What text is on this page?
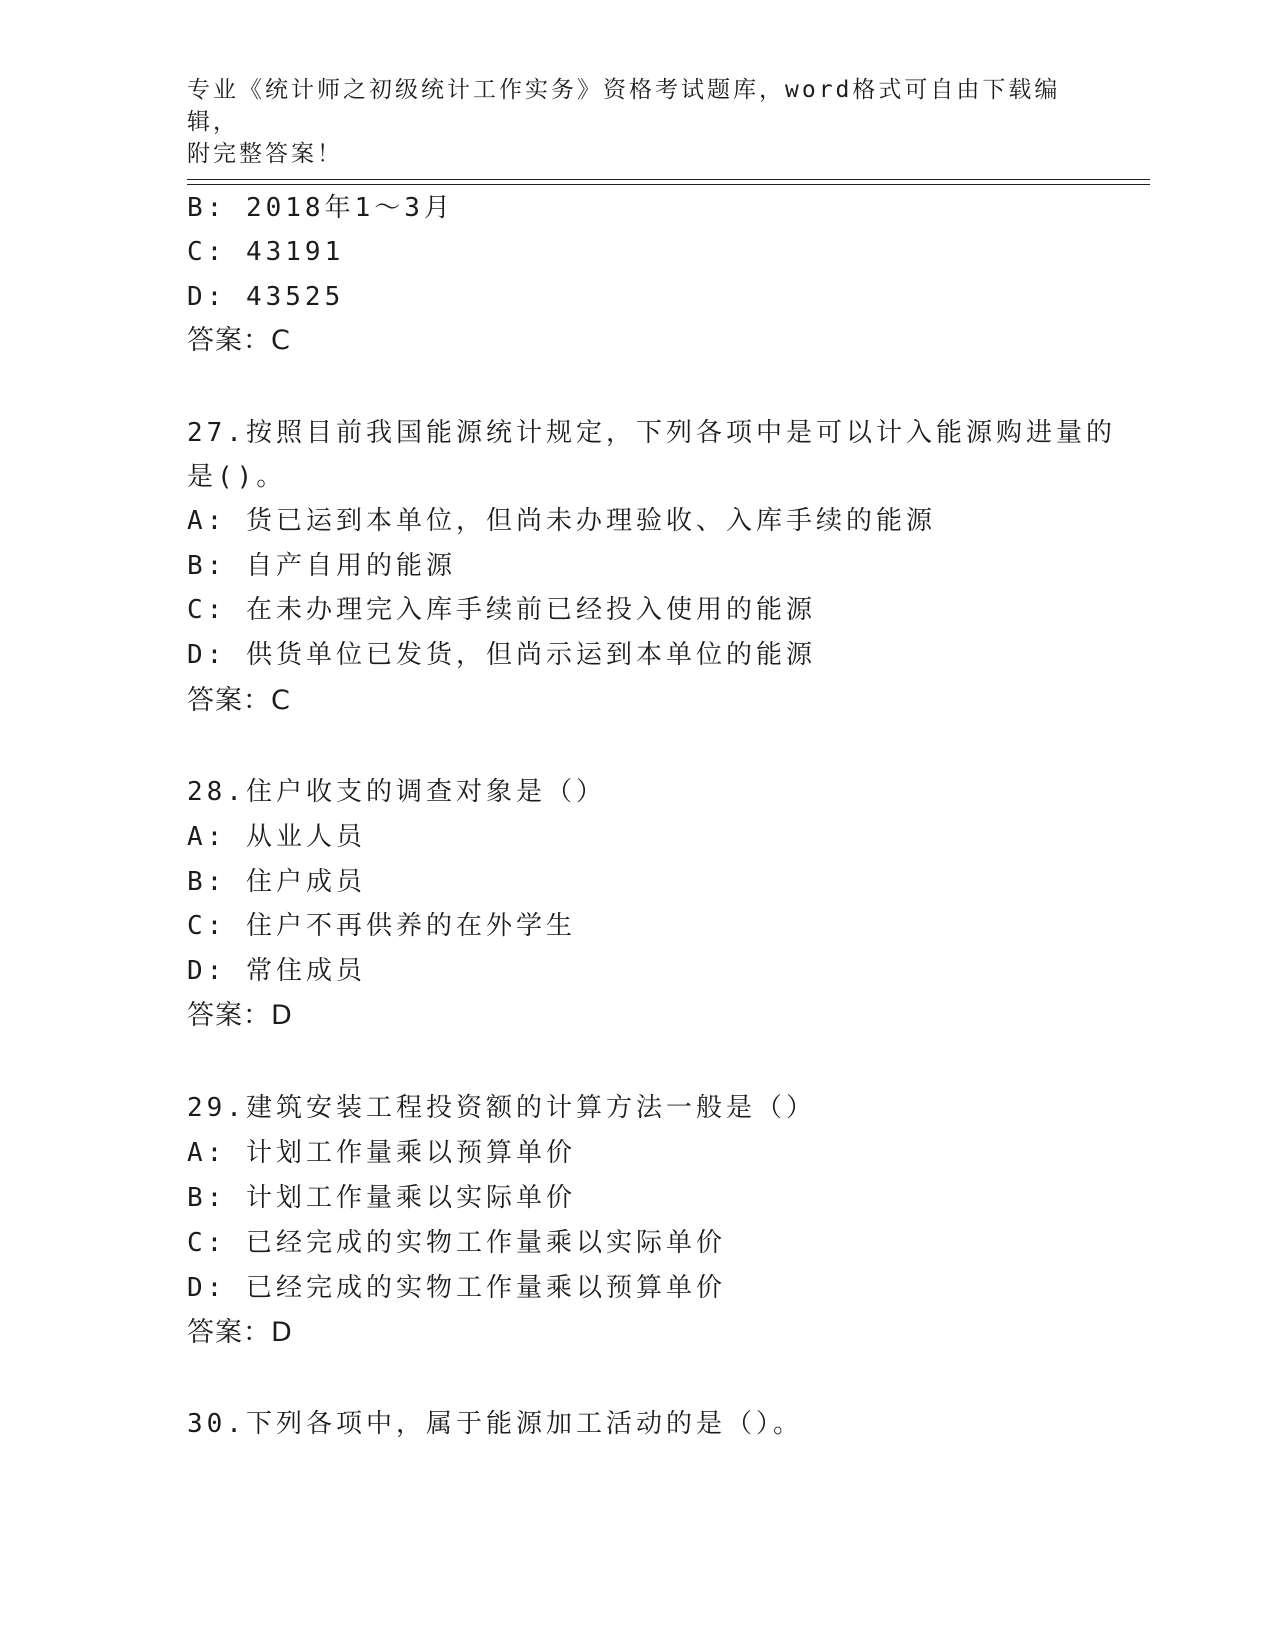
专业《统计师之初级统计工作实务》资格考试题库，word格式可自由下载编辑，
附完整答案！
B: 2018年1～3月
C: 43191
D: 43525
答案：C
27.按照目前我国能源统计规定，下列各项中是可以计入能源购进量的
是()。
A: 货已运到本单位，但尚未办理验收、入库手续的能源
B: 自产自用的能源
C: 在未办理完入库手续前已经投入使用的能源
D: 供货单位已发货，但尚示运到本单位的能源
答案：C
28.住户收支的调查对象是（）
A: 从业人员
B: 住户成员
C: 住户不再供养的在外学生
D: 常住成员
答案：D
29.建筑安装工程投资额的计算方法一般是（）
A: 计划工作量乘以预算单价
B: 计划工作量乘以实际单价
C: 已经完成的实物工作量乘以实际单价
D: 已经完成的实物工作量乘以预算单价
答案：D
30.下列各项中，属于能源加工活动的是（）。
